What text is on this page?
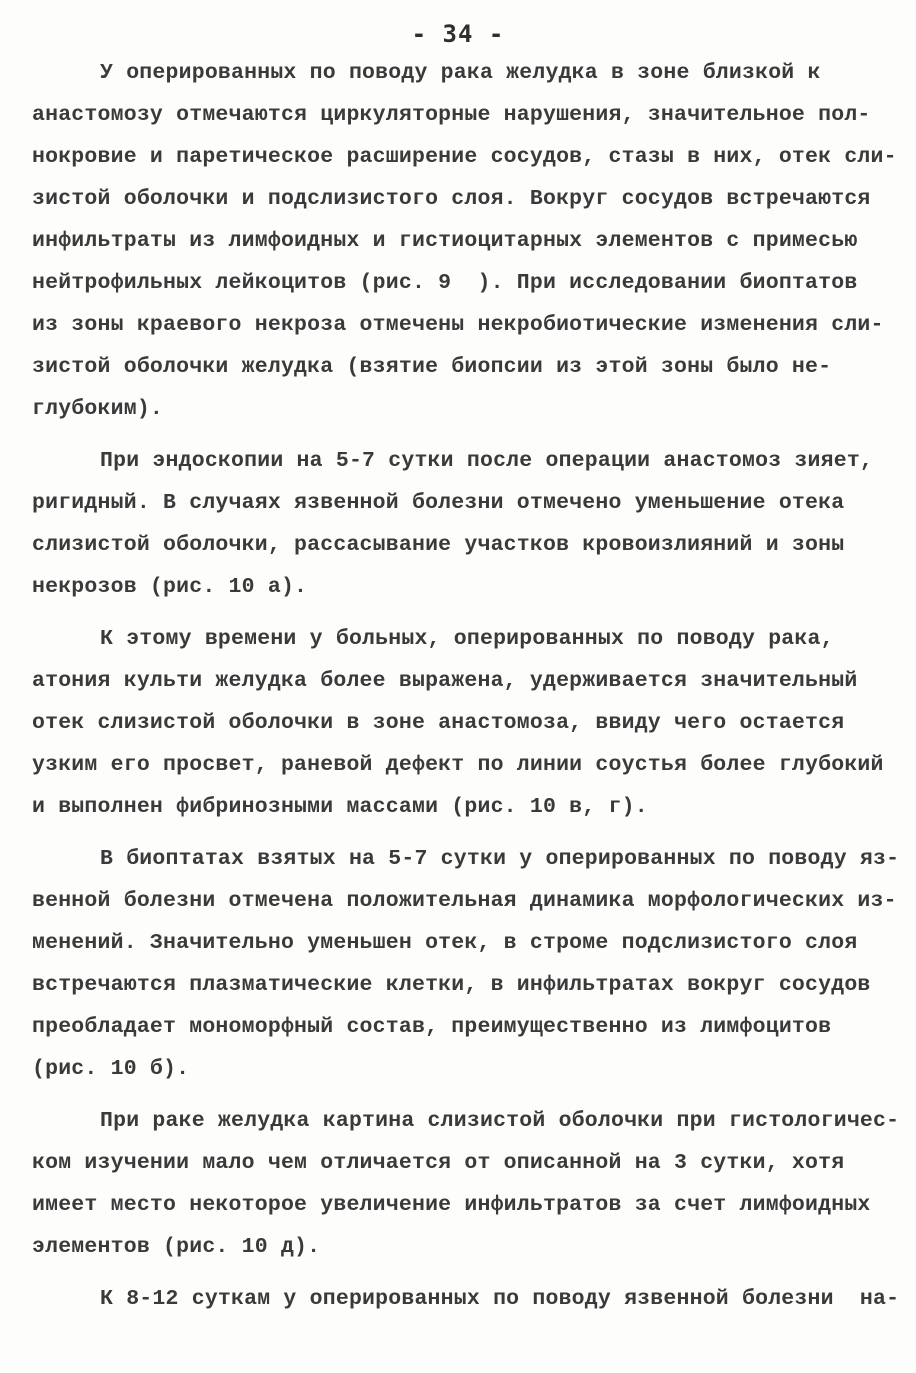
- 34 -
У оперированных по поводу рака желудка в зоне близкой к
анастомозу отмечаются циркуляторные нарушения, значительное пол-
нокровие и паретическое расширение сосудов, стазы в них, отек сли-
зистой оболочки и подслизистого слоя. Вокруг сосудов встречаются
инфильтраты из лимфоидных и гистиоцитарных элементов с примесью
нейтрофильных лейкоцитов (рис. 9  ). При исследовании биоптатов
из зоны краевого некроза отмечены некробиотические изменения сли-
зистой оболочки желудка (взятие биопсии из этой зоны было не-
глубоким).
При эндоскопии на 5-7 сутки после операции анастомоз зияет,
ригидный. В случаях язвенной болезни отмечено уменьшение отека
слизистой оболочки, рассасывание участков кровоизлияний и зоны
некрозов (рис. 10 а).
К этому времени у больных, оперированных по поводу рака,
атония культи желудка более выражена, удерживается значительный
отек слизистой оболочки в зоне анастомоза, ввиду чего остается
узким его просвет, раневой дефект по линии соустья более глубокий
и выполнен фибринозными массами (рис. 10 в, г).
В биоптатах взятых на 5-7 сутки у оперированных по поводу яз-
венной болезни отмечена положительная динамика морфологических из-
менений. Значительно уменьшен отек, в строме подслизистого слоя
встречаются плазматические клетки, в инфильтратах вокруг сосудов
преобладает мономорфный состав, преимущественно из лимфоцитов
(рис. 10 б).
При раке желудка картина слизистой оболочки при гистологичес-
ком изучении мало чем отличается от описанной на 3 сутки, хотя
имеет место некоторое увеличение инфильтратов за счет лимфоидных
элементов (рис. 10 д).
К 8-12 суткам у оперированных по поводу язвенной болезни  на-
